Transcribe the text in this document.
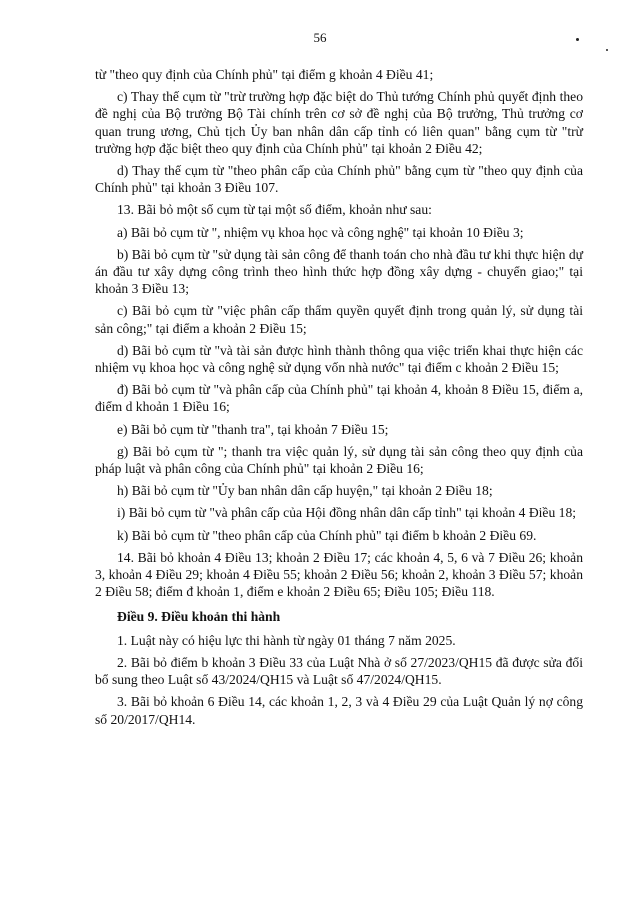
56

từ "theo quy định của Chính phủ" tại điểm g khoản 4 Điều 41;

c) Thay thế cụm từ "trừ trường hợp đặc biệt do Thủ tướng Chính phủ quyết định theo đề nghị của Bộ trưởng Bộ Tài chính trên cơ sở đề nghị của Bộ trưởng, Thủ trưởng cơ quan trung ương, Chủ tịch Ủy ban nhân dân cấp tỉnh có liên quan" bằng cụm từ "trừ trường hợp đặc biệt theo quy định của Chính phủ" tại khoản 2 Điều 42;

d) Thay thế cụm từ "theo phân cấp của Chính phủ" bằng cụm từ "theo quy định của Chính phủ" tại khoản 3 Điều 107.

13. Bãi bỏ một số cụm từ tại một số điểm, khoản như sau:

a) Bãi bỏ cụm từ ", nhiệm vụ khoa học và công nghệ" tại khoản 10 Điều 3;

b) Bãi bỏ cụm từ "sử dụng tài sản công để thanh toán cho nhà đầu tư khi thực hiện dự án đầu tư xây dựng công trình theo hình thức hợp đồng xây dựng - chuyển giao;" tại khoản 3 Điều 13;

c) Bãi bỏ cụm từ "việc phân cấp thẩm quyền quyết định trong quản lý, sử dụng tài sản công;" tại điểm a khoản 2 Điều 15;

d) Bãi bỏ cụm từ "và tài sản được hình thành thông qua việc triển khai thực hiện các nhiệm vụ khoa học và công nghệ sử dụng vốn nhà nước" tại điểm c khoản 2 Điều 15;

đ) Bãi bỏ cụm từ "và phân cấp của Chính phủ" tại khoản 4, khoản 8 Điều 15, điểm a, điểm d khoản 1 Điều 16;

e) Bãi bỏ cụm từ "thanh tra", tại khoản 7 Điều 15;

g) Bãi bỏ cụm từ "; thanh tra việc quản lý, sử dụng tài sản công theo quy định của pháp luật và phân công của Chính phủ" tại khoản 2 Điều 16;

h) Bãi bỏ cụm từ "Ủy ban nhân dân cấp huyện," tại khoản 2 Điều 18;

i) Bãi bỏ cụm từ "và phân cấp của Hội đồng nhân dân cấp tỉnh" tại khoản 4 Điều 18;

k) Bãi bỏ cụm từ "theo phân cấp của Chính phủ" tại điểm b khoản 2 Điều 69.

14. Bãi bỏ khoản 4 Điều 13; khoản 2 Điều 17; các khoản 4, 5, 6 và 7 Điều 26; khoản 3, khoản 4 Điều 29; khoản 4 Điều 55; khoản 2 Điều 56; khoản 2, khoản 3 Điều 57; khoản 2 Điều 58; điểm đ khoản 1, điểm e khoản 2 Điều 65; Điều 105; Điều 118.

Điều 9. Điều khoản thi hành

1. Luật này có hiệu lực thi hành từ ngày 01 tháng 7 năm 2025.

2. Bãi bỏ điểm b khoản 3 Điều 33 của Luật Nhà ở số 27/2023/QH15 đã được sửa đổi bổ sung theo Luật số 43/2024/QH15 và Luật số 47/2024/QH15.

3. Bãi bỏ khoản 6 Điều 14, các khoản 1, 2, 3 và 4 Điều 29 của Luật Quản lý nợ công số 20/2017/QH14.
